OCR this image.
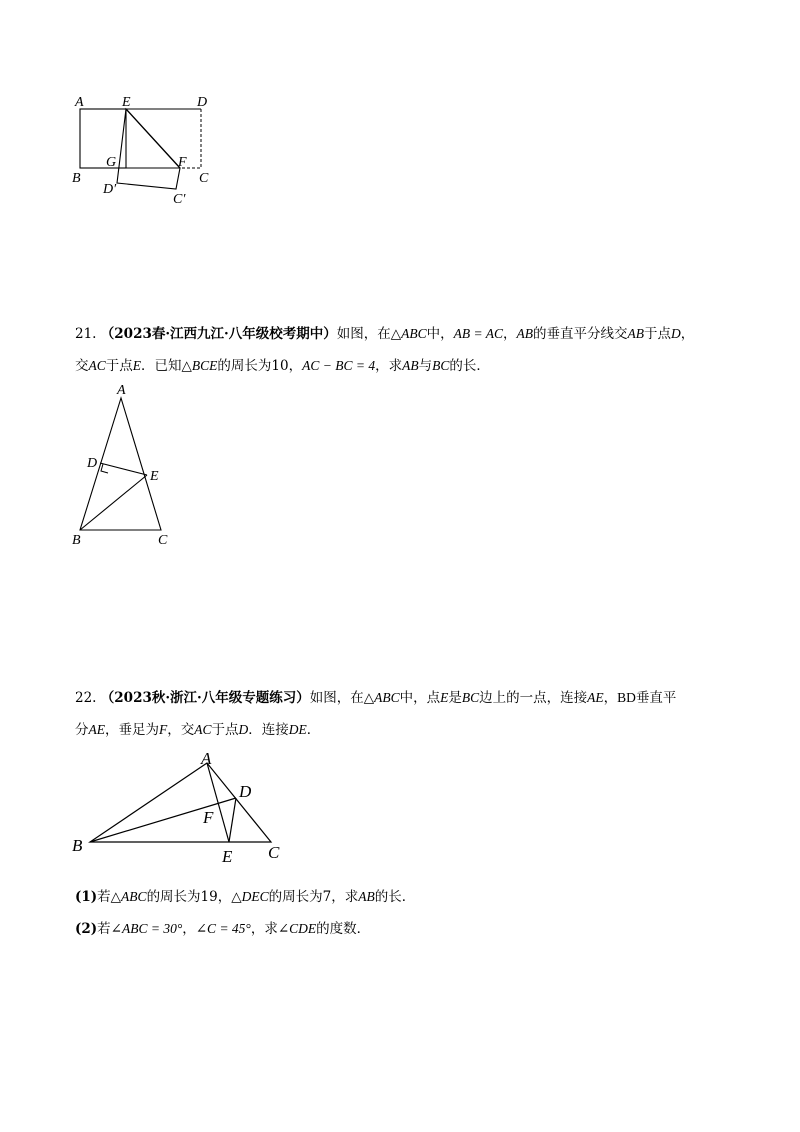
A	E	D
B
G	F
C
D′
C′
21. （2023春·江西九江·八年级校考期中）如图，在△ABC中，AB = AC，AB的垂直平分线交AB于点D，
交AC于点E．已知△BCE的周长为10，AC − BC = 4，求AB与BC的长．
A
D
E
B	C
22. （2023秋·浙江·八年级专题练习）如图，在△ABC中，点E是BC边上的一点，连接AE，BD垂直平
分AE，垂足为F，交AC于点D．连接DE．
A
D
F
B
E C
(1)若△ABC的周长为19，△DEC的周长为7，求AB的长．
(2)若∠ABC = 30°，∠C = 45°，求∠CDE的度数．
